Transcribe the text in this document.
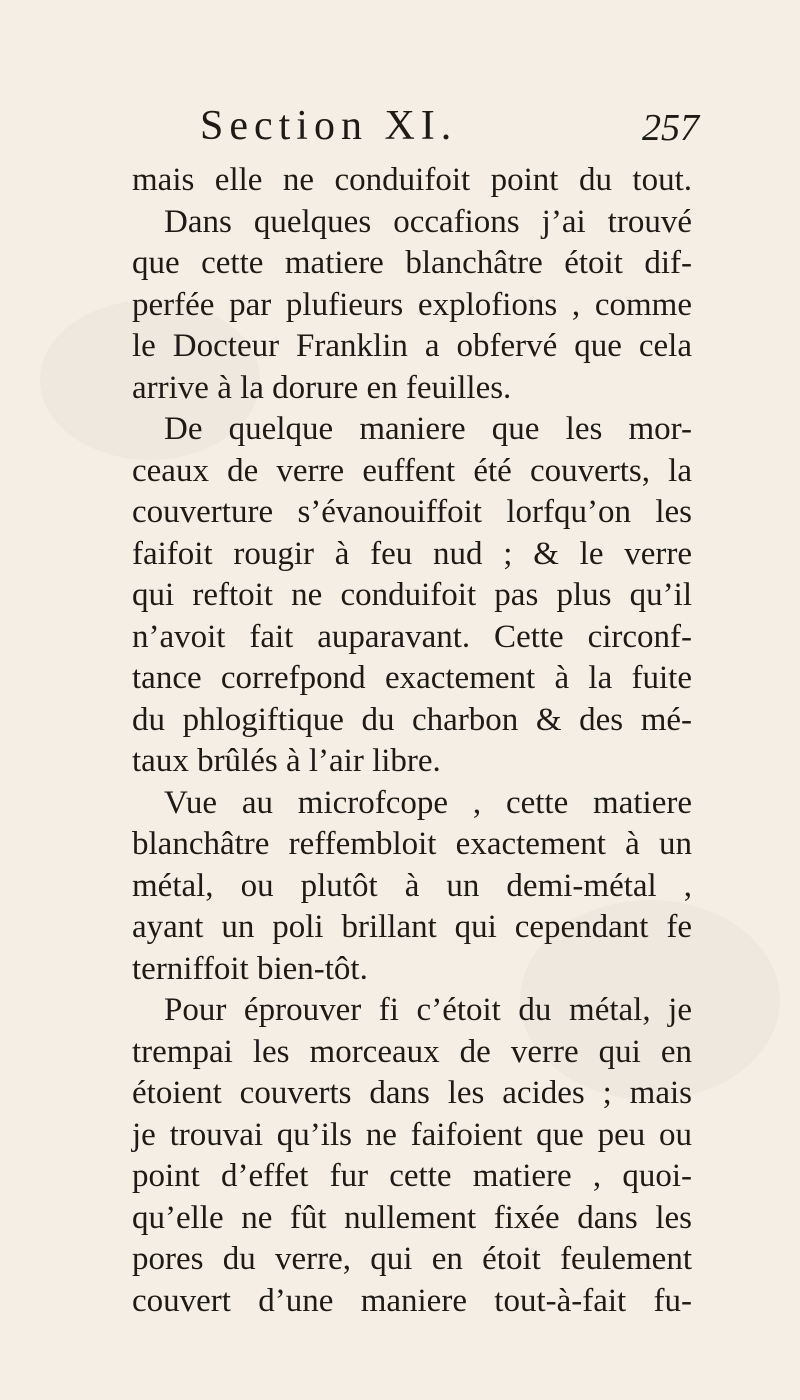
Section XI.	257
mais elle ne conduifoit point du tout.
Dans quelques occafions j’ai trouvé
que cette matiere blanchâtre étoit dif-
perfée par plufieurs explofions , comme
le Docteur Franklin a obfervé que cela
arrive à la dorure en feuilles.
De quelque maniere que les mor-
ceaux de verre euffent été couverts, la
couverture s’évanouiffoit lorfqu’on les
faifoit rougir à feu nud ; & le verre
qui reftoit ne conduifoit pas plus qu’il
n’avoit fait auparavant. Cette circonf-
tance correfpond exactement à la fuite
du phlogiftique du charbon & des mé-
taux brûlés à l’air libre.
Vue au microfcope , cette matiere
blanchâtre reffembloit exactement à un
métal, ou plutôt à un demi-métal ,
ayant un poli brillant qui cependant fe
terniffoit bien-tôt.
Pour éprouver fi c’étoit du métal, je
trempai les morceaux de verre qui en
étoient couverts dans les acides ; mais
je trouvai qu’ils ne faifoient que peu ou
point d’effet fur cette matiere , quoi-
qu’elle ne fût nullement fixée dans les
pores du verre, qui en étoit feulement
couvert d’une maniere tout-à-fait fu-
